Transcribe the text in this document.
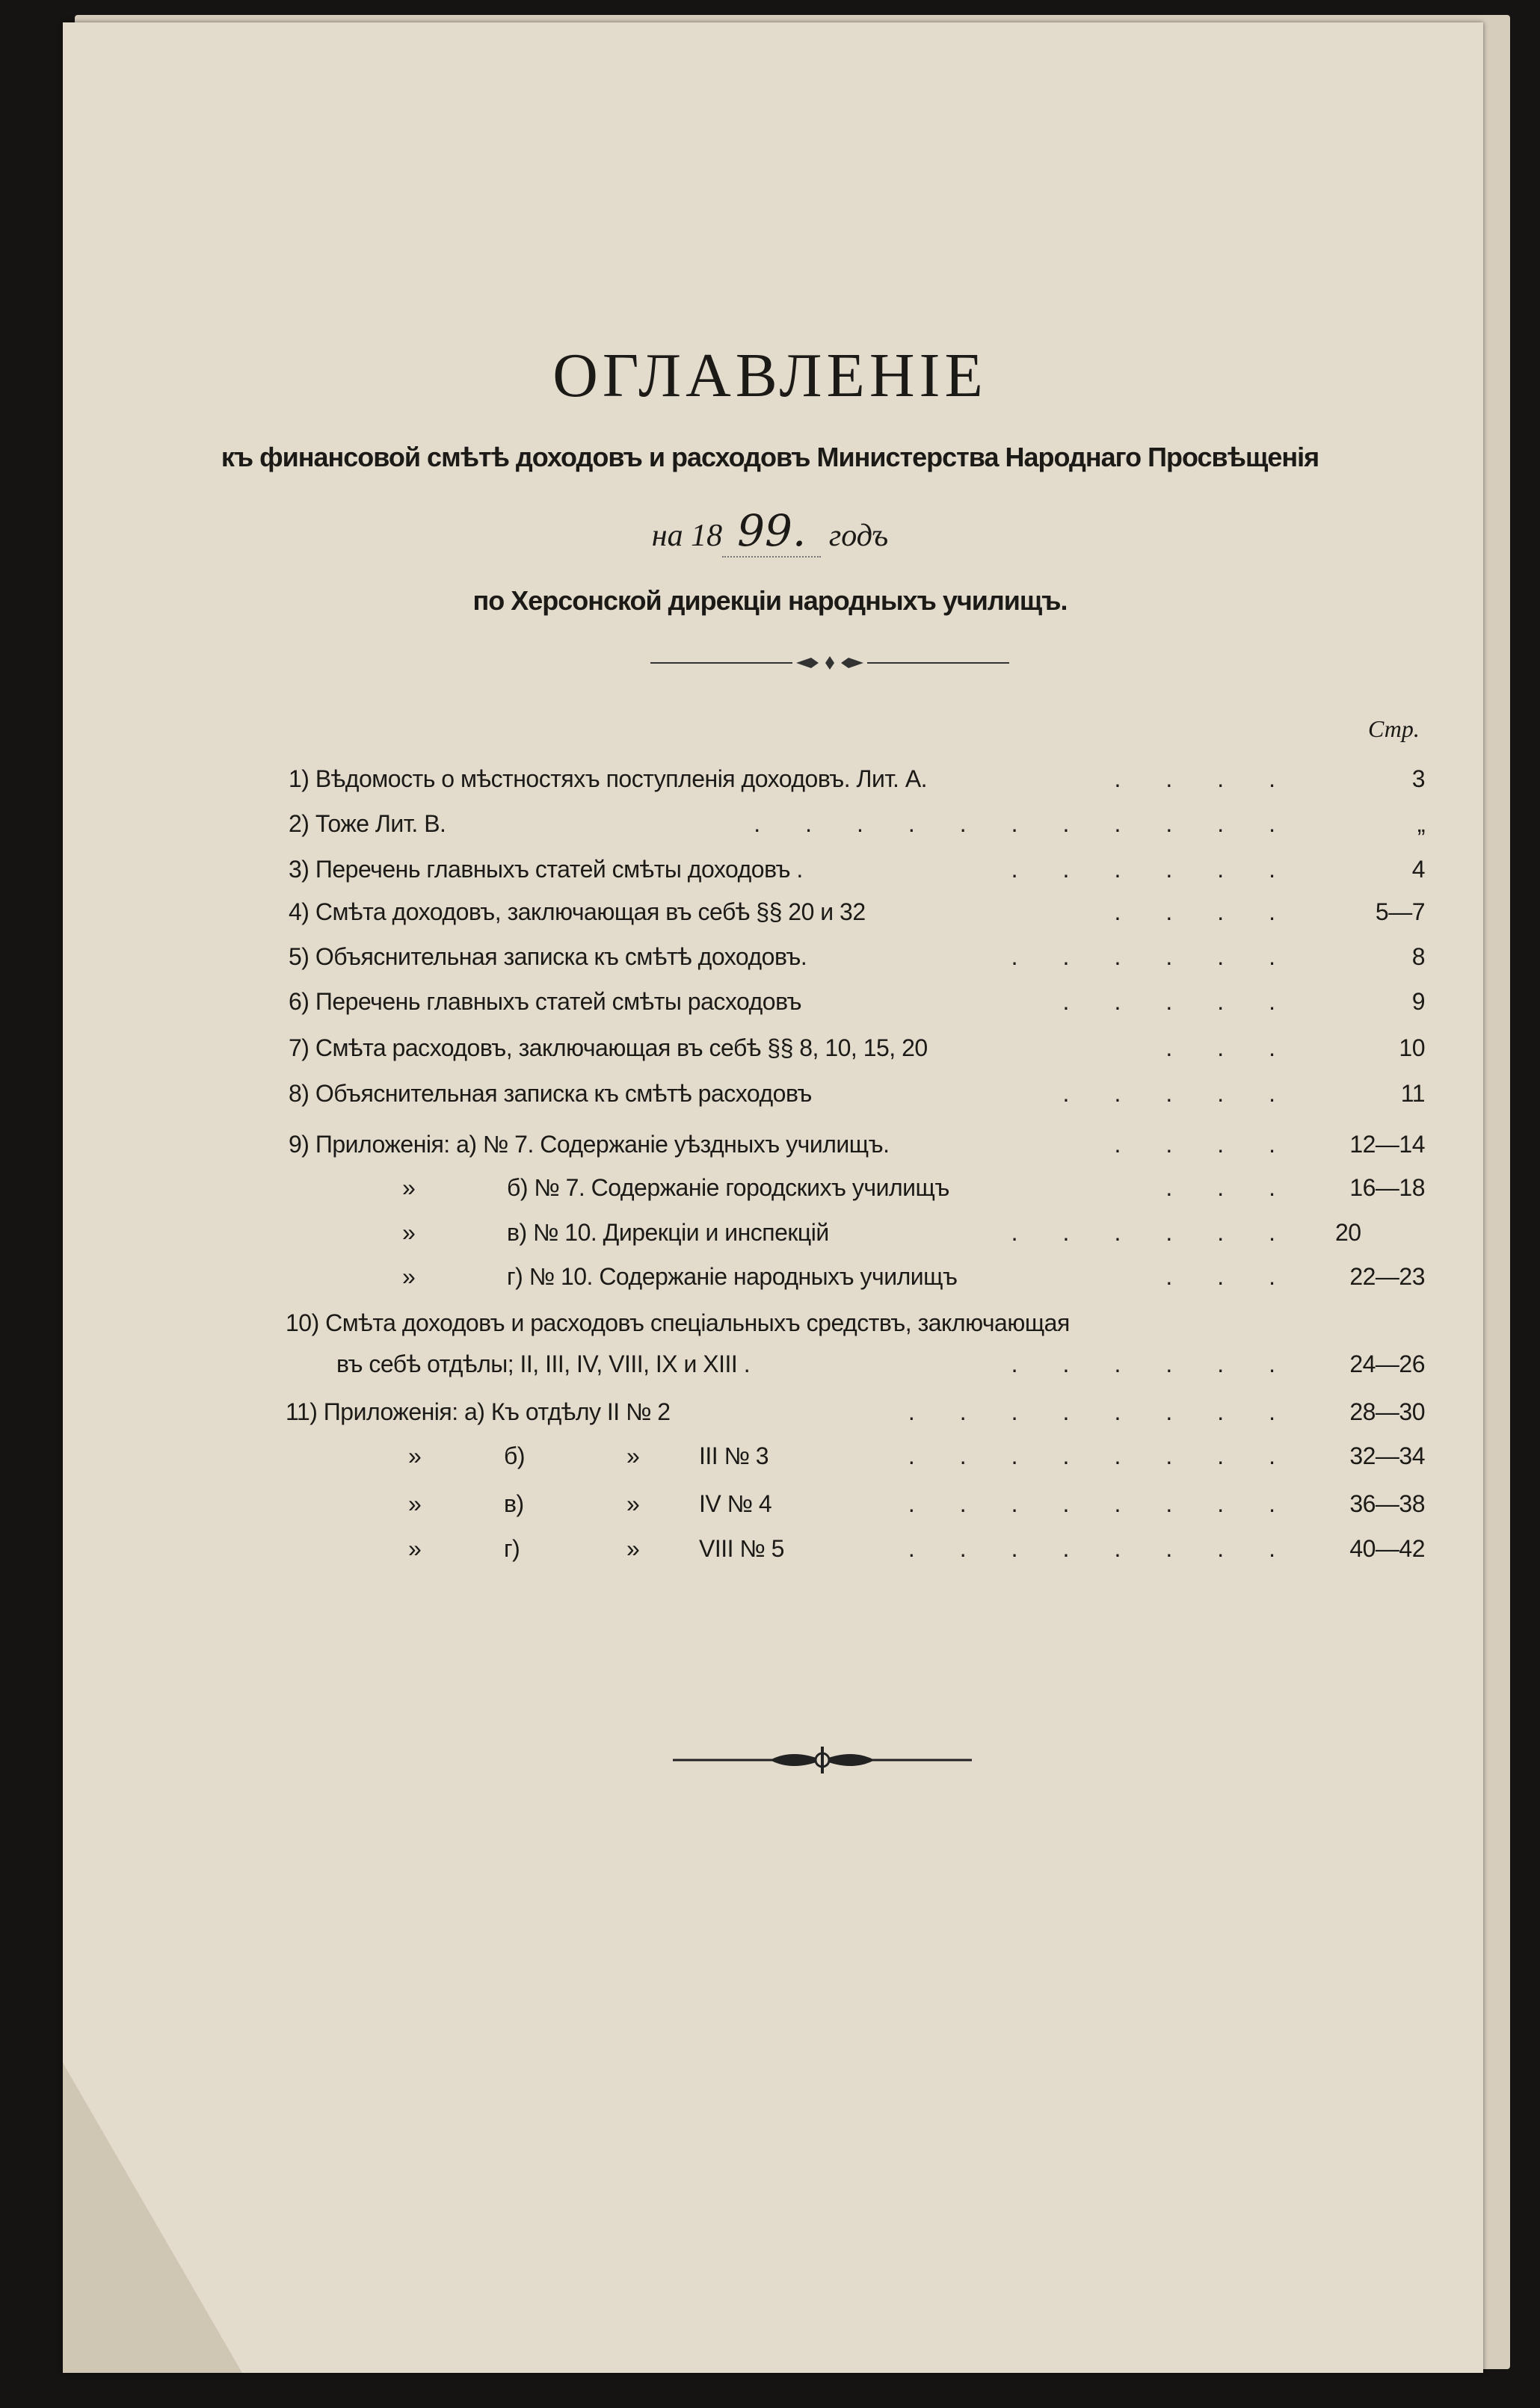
ОГЛАВЛЕНIЕ
къ финансовой смѣтѣ доходовъ и расходовъ Министерства Народнаго Просвѣщенія
на 18 99. годъ
по Херсонской дирекціи народныхъ училищъ.
Стр.
1) Вѣдомость о мѣстностяхъ поступленія доходовъ. Лит. А.	....	3
2) Тоже Лит. В.	...........	„
3) Перечень главныхъ статей смѣты доходовъ .	......	4
4) Смѣта доходовъ, заключающая въ себѣ §§ 20 и 32	....	5—7
5) Объяснительная записка къ смѣтѣ доходовъ.	......	8
6) Перечень главныхъ статей смѣты расходовъ	.....	9
7) Смѣта расходовъ, заключающая въ себѣ §§ 8, 10, 15, 20	...	10
8) Объяснительная записка къ смѣтѣ расходовъ	.....	11
9) Приложенія: а) № 7. Содержаніе уѣздныхъ училищъ.	....	12—14
»	б) № 7. Содержаніе городскихъ училищъ	...	16—18
»	в) № 10. Дирекціи и инспекцій	...... 20
»	г) № 10. Содержаніе народныхъ училищъ	...	22—23
10) Смѣта доходовъ и расходовъ спеціальныхъ средствъ, заключающая
въ себѣ отдѣлы; II, III, IV, VIII, IX и XIII .	......	24—26
11) Приложенія: а) Къ отдѣлу II № 2	........	28—30
»	б)	»	III № 3	........	32—34
»	в)	»	IV № 4	........	36—38
»	г)	»	VIII № 5	........	40—42
